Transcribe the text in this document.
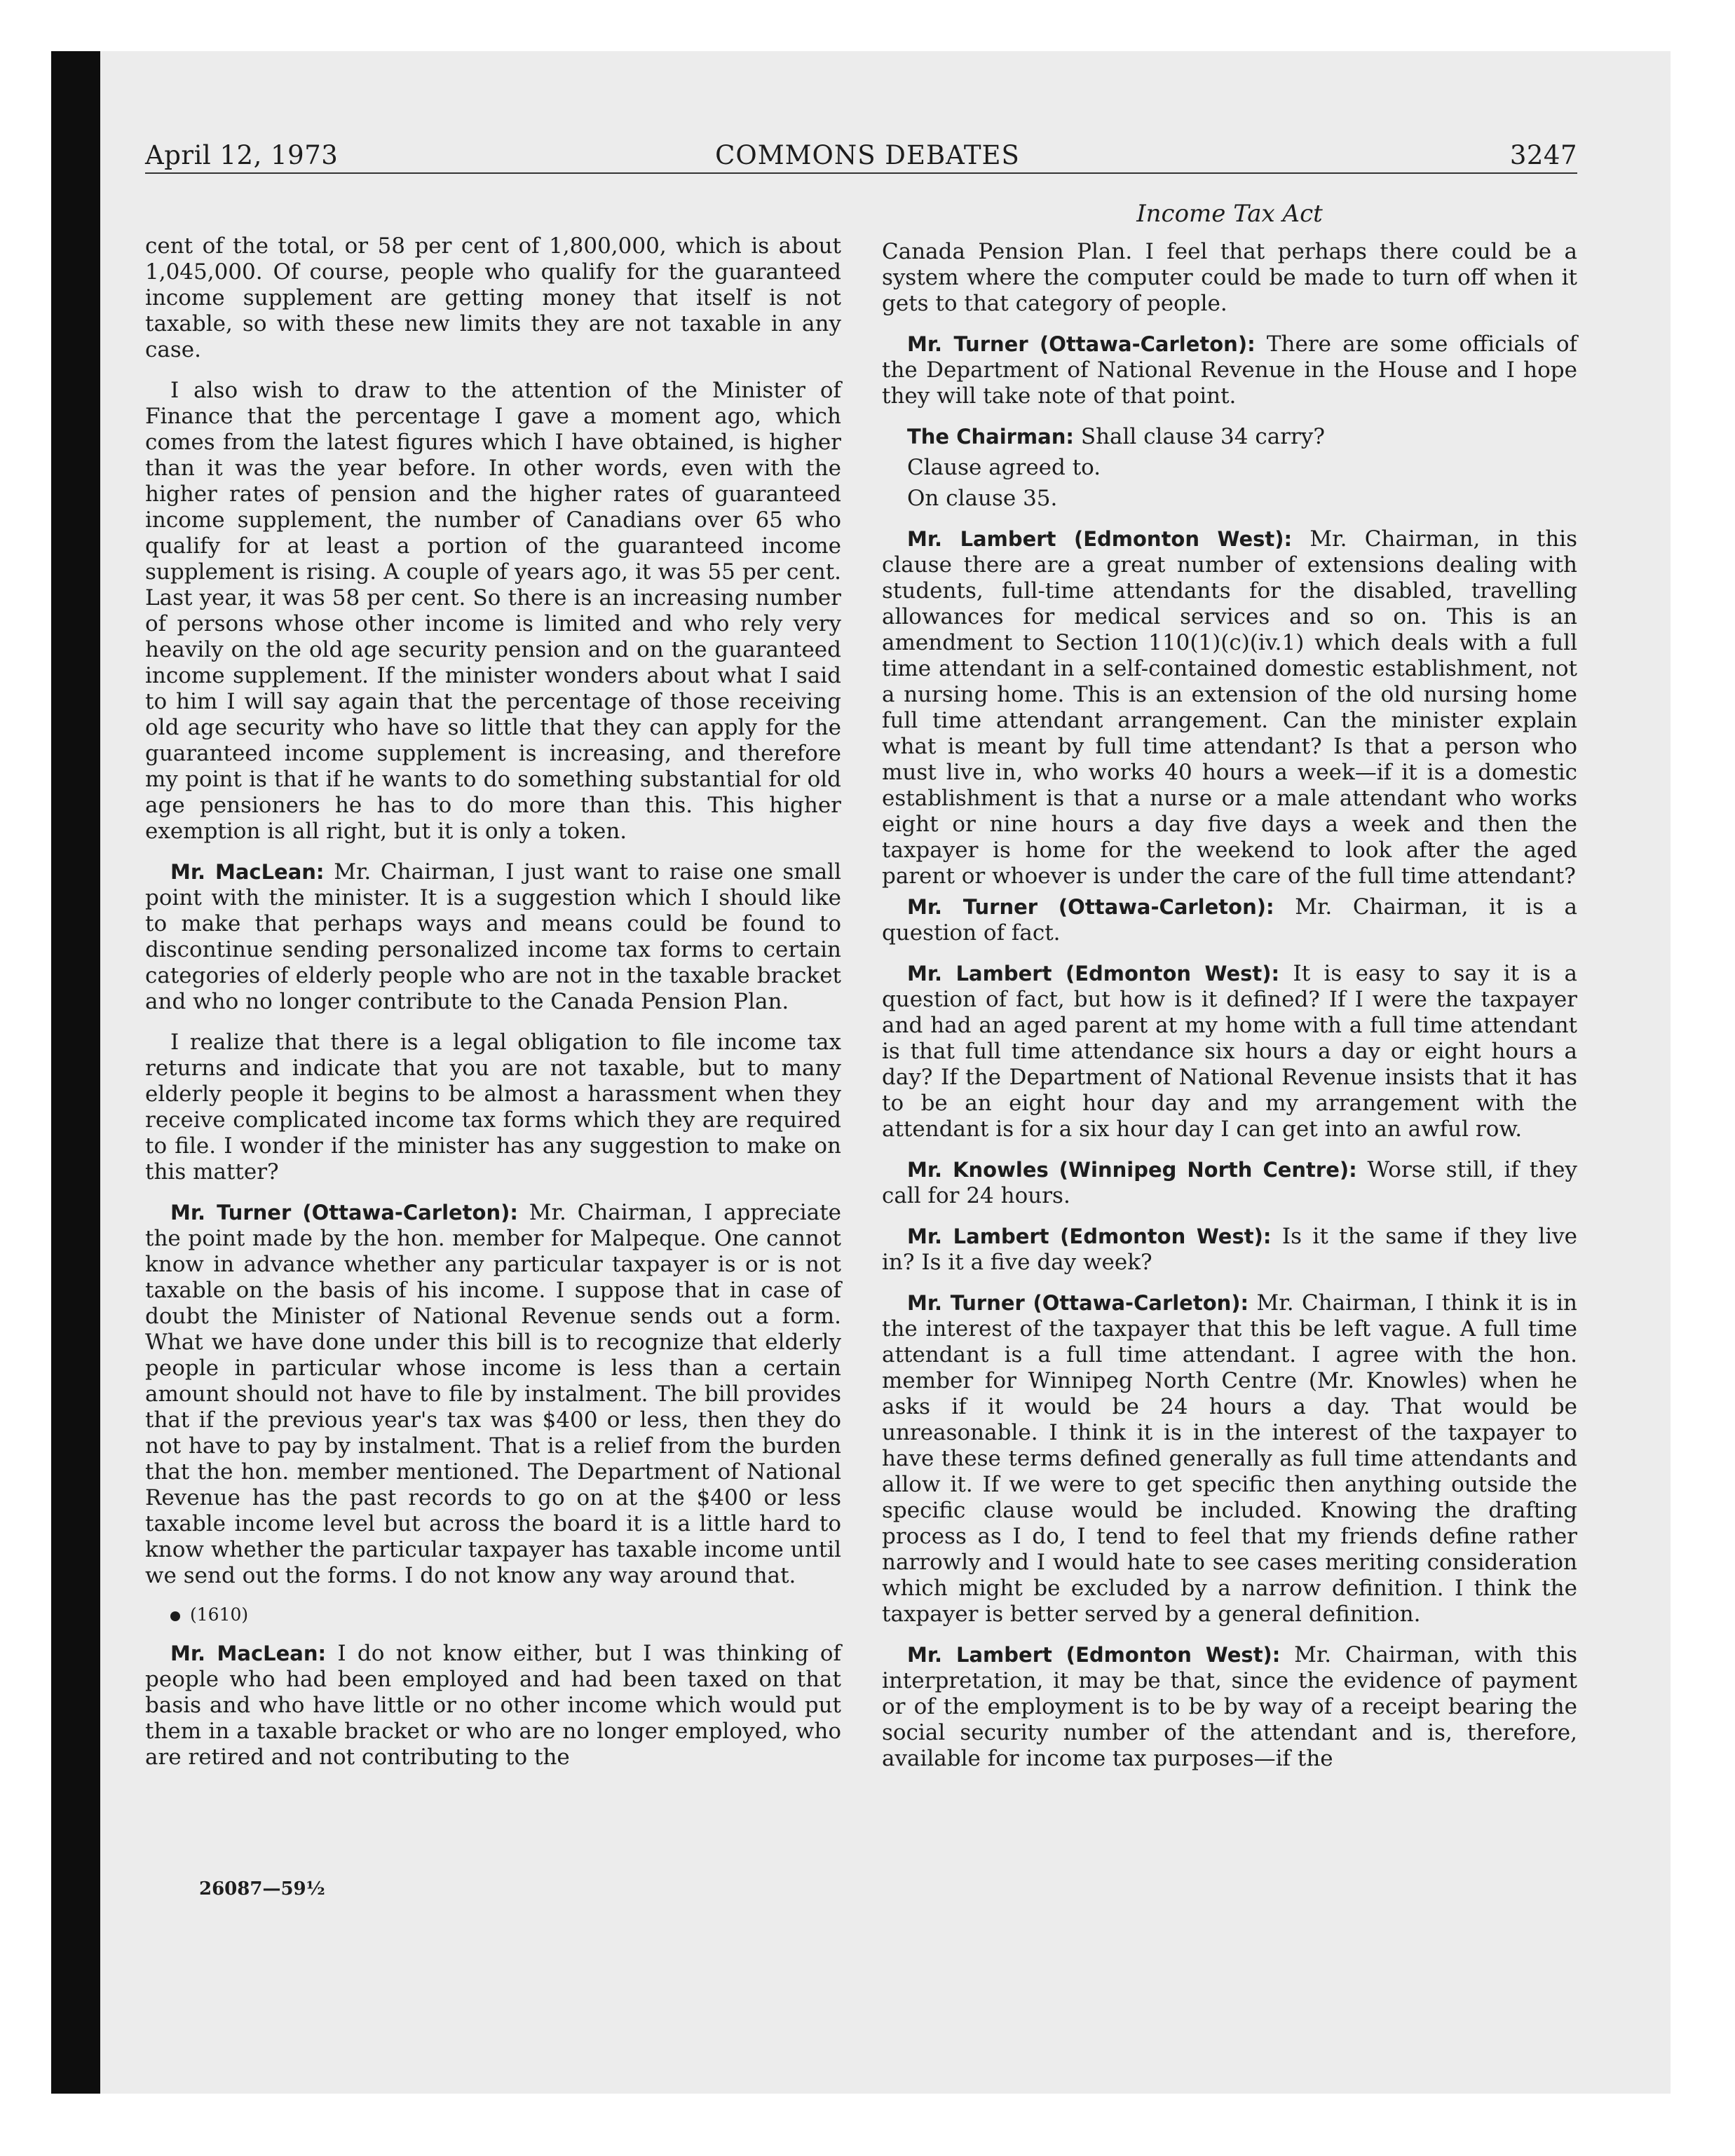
April 12, 1973	COMMONS DEBATES	3247
Income Tax Act

cent of the total, or 58 per cent of 1,800,000, which is about 1,045,000. Of course, people who qualify for the guaranteed income supplement are getting money that itself is not taxable, so with these new limits they are not taxable in any case.

I also wish to draw to the attention of the Minister of Finance that the percentage I gave a moment ago, which comes from the latest figures which I have obtained, is higher than it was the year before. In other words, even with the higher rates of pension and the higher rates of guaranteed income supplement, the number of Canadians over 65 who qualify for at least a portion of the guaranteed income supplement is rising. A couple of years ago, it was 55 per cent. Last year, it was 58 per cent. So there is an increasing number of persons whose other income is limited and who rely very heavily on the old age security pension and on the guaranteed income supplement. If the minister wonders about what I said to him I will say again that the percentage of those receiving old age security who have so little that they can apply for the guaranteed income supplement is increasing, and therefore my point is that if he wants to do something substantial for old age pensioners he has to do more than this. This higher exemption is all right, but it is only a token.

Mr. MacLean: Mr. Chairman, I just want to raise one small point with the minister. It is a suggestion which I should like to make that perhaps ways and means could be found to discontinue sending personalized income tax forms to certain categories of elderly people who are not in the taxable bracket and who no longer contribute to the Canada Pension Plan.

I realize that there is a legal obligation to file income tax returns and indicate that you are not taxable, but to many elderly people it begins to be almost a harassment when they receive complicated income tax forms which they are required to file. I wonder if the minister has any suggestion to make on this matter?

Mr. Turner (Ottawa-Carleton): Mr. Chairman, I appreciate the point made by the hon. member for Malpeque. One cannot know in advance whether any particular taxpayer is or is not taxable on the basis of his income. I suppose that in case of doubt the Minister of National Revenue sends out a form. What we have done under this bill is to recognize that elderly people in particular whose income is less than a certain amount should not have to file by instalment. The bill provides that if the previous year's tax was $400 or less, then they do not have to pay by instalment. That is a relief from the burden that the hon. member mentioned. The Department of National Revenue has the past records to go on at the $400 or less taxable income level but across the board it is a little hard to know whether the particular taxpayer has taxable income until we send out the forms. I do not know any way around that.

(1610)

Mr. MacLean: I do not know either, but I was thinking of people who had been employed and had been taxed on that basis and who have little or no other income which would put them in a taxable bracket or who are no longer employed, who are retired and not contributing to the

Canada Pension Plan. I feel that perhaps there could be a system where the computer could be made to turn off when it gets to that category of people.

Mr. Turner (Ottawa-Carleton): There are some officials of the Department of National Revenue in the House and I hope they will take note of that point.

The Chairman: Shall clause 34 carry?

Clause agreed to.

On clause 35.

Mr. Lambert (Edmonton West): Mr. Chairman, in this clause there are a great number of extensions dealing with students, full-time attendants for the disabled, travelling allowances for medical services and so on. This is an amendment to Section 110(1)(c)(iv.1) which deals with a full time attendant in a self-contained domestic establishment, not a nursing home. This is an extension of the old nursing home full time attendant arrangement. Can the minister explain what is meant by full time attendant? Is that a person who must live in, who works 40 hours a week—if it is a domestic establishment is that a nurse or a male attendant who works eight or nine hours a day five days a week and then the taxpayer is home for the weekend to look after the aged parent or whoever is under the care of the full time attendant?

Mr. Turner (Ottawa-Carleton): Mr. Chairman, it is a question of fact.

Mr. Lambert (Edmonton West): It is easy to say it is a question of fact, but how is it defined? If I were the taxpayer and had an aged parent at my home with a full time attendant is that full time attendance six hours a day or eight hours a day? If the Department of National Revenue insists that it has to be an eight hour day and my arrangement with the attendant is for a six hour day I can get into an awful row.

Mr. Knowles (Winnipeg North Centre): Worse still, if they call for 24 hours.

Mr. Lambert (Edmonton West): Is it the same if they live in? Is it a five day week?

Mr. Turner (Ottawa-Carleton): Mr. Chairman, I think it is in the interest of the taxpayer that this be left vague. A full time attendant is a full time attendant. I agree with the hon. member for Winnipeg North Centre (Mr. Knowles) when he asks if it would be 24 hours a day. That would be unreasonable. I think it is in the interest of the taxpayer to have these terms defined generally as full time attendants and allow it. If we were to get specific then anything outside the specific clause would be included. Knowing the drafting process as I do, I tend to feel that my friends define rather narrowly and I would hate to see cases meriting consideration which might be excluded by a narrow definition. I think the taxpayer is better served by a general definition.

Mr. Lambert (Edmonton West): Mr. Chairman, with this interpretation, it may be that, since the evidence of payment or of the employment is to be by way of a receipt bearing the social security number of the attendant and is, therefore, available for income tax purposes—if the

26087—59½
